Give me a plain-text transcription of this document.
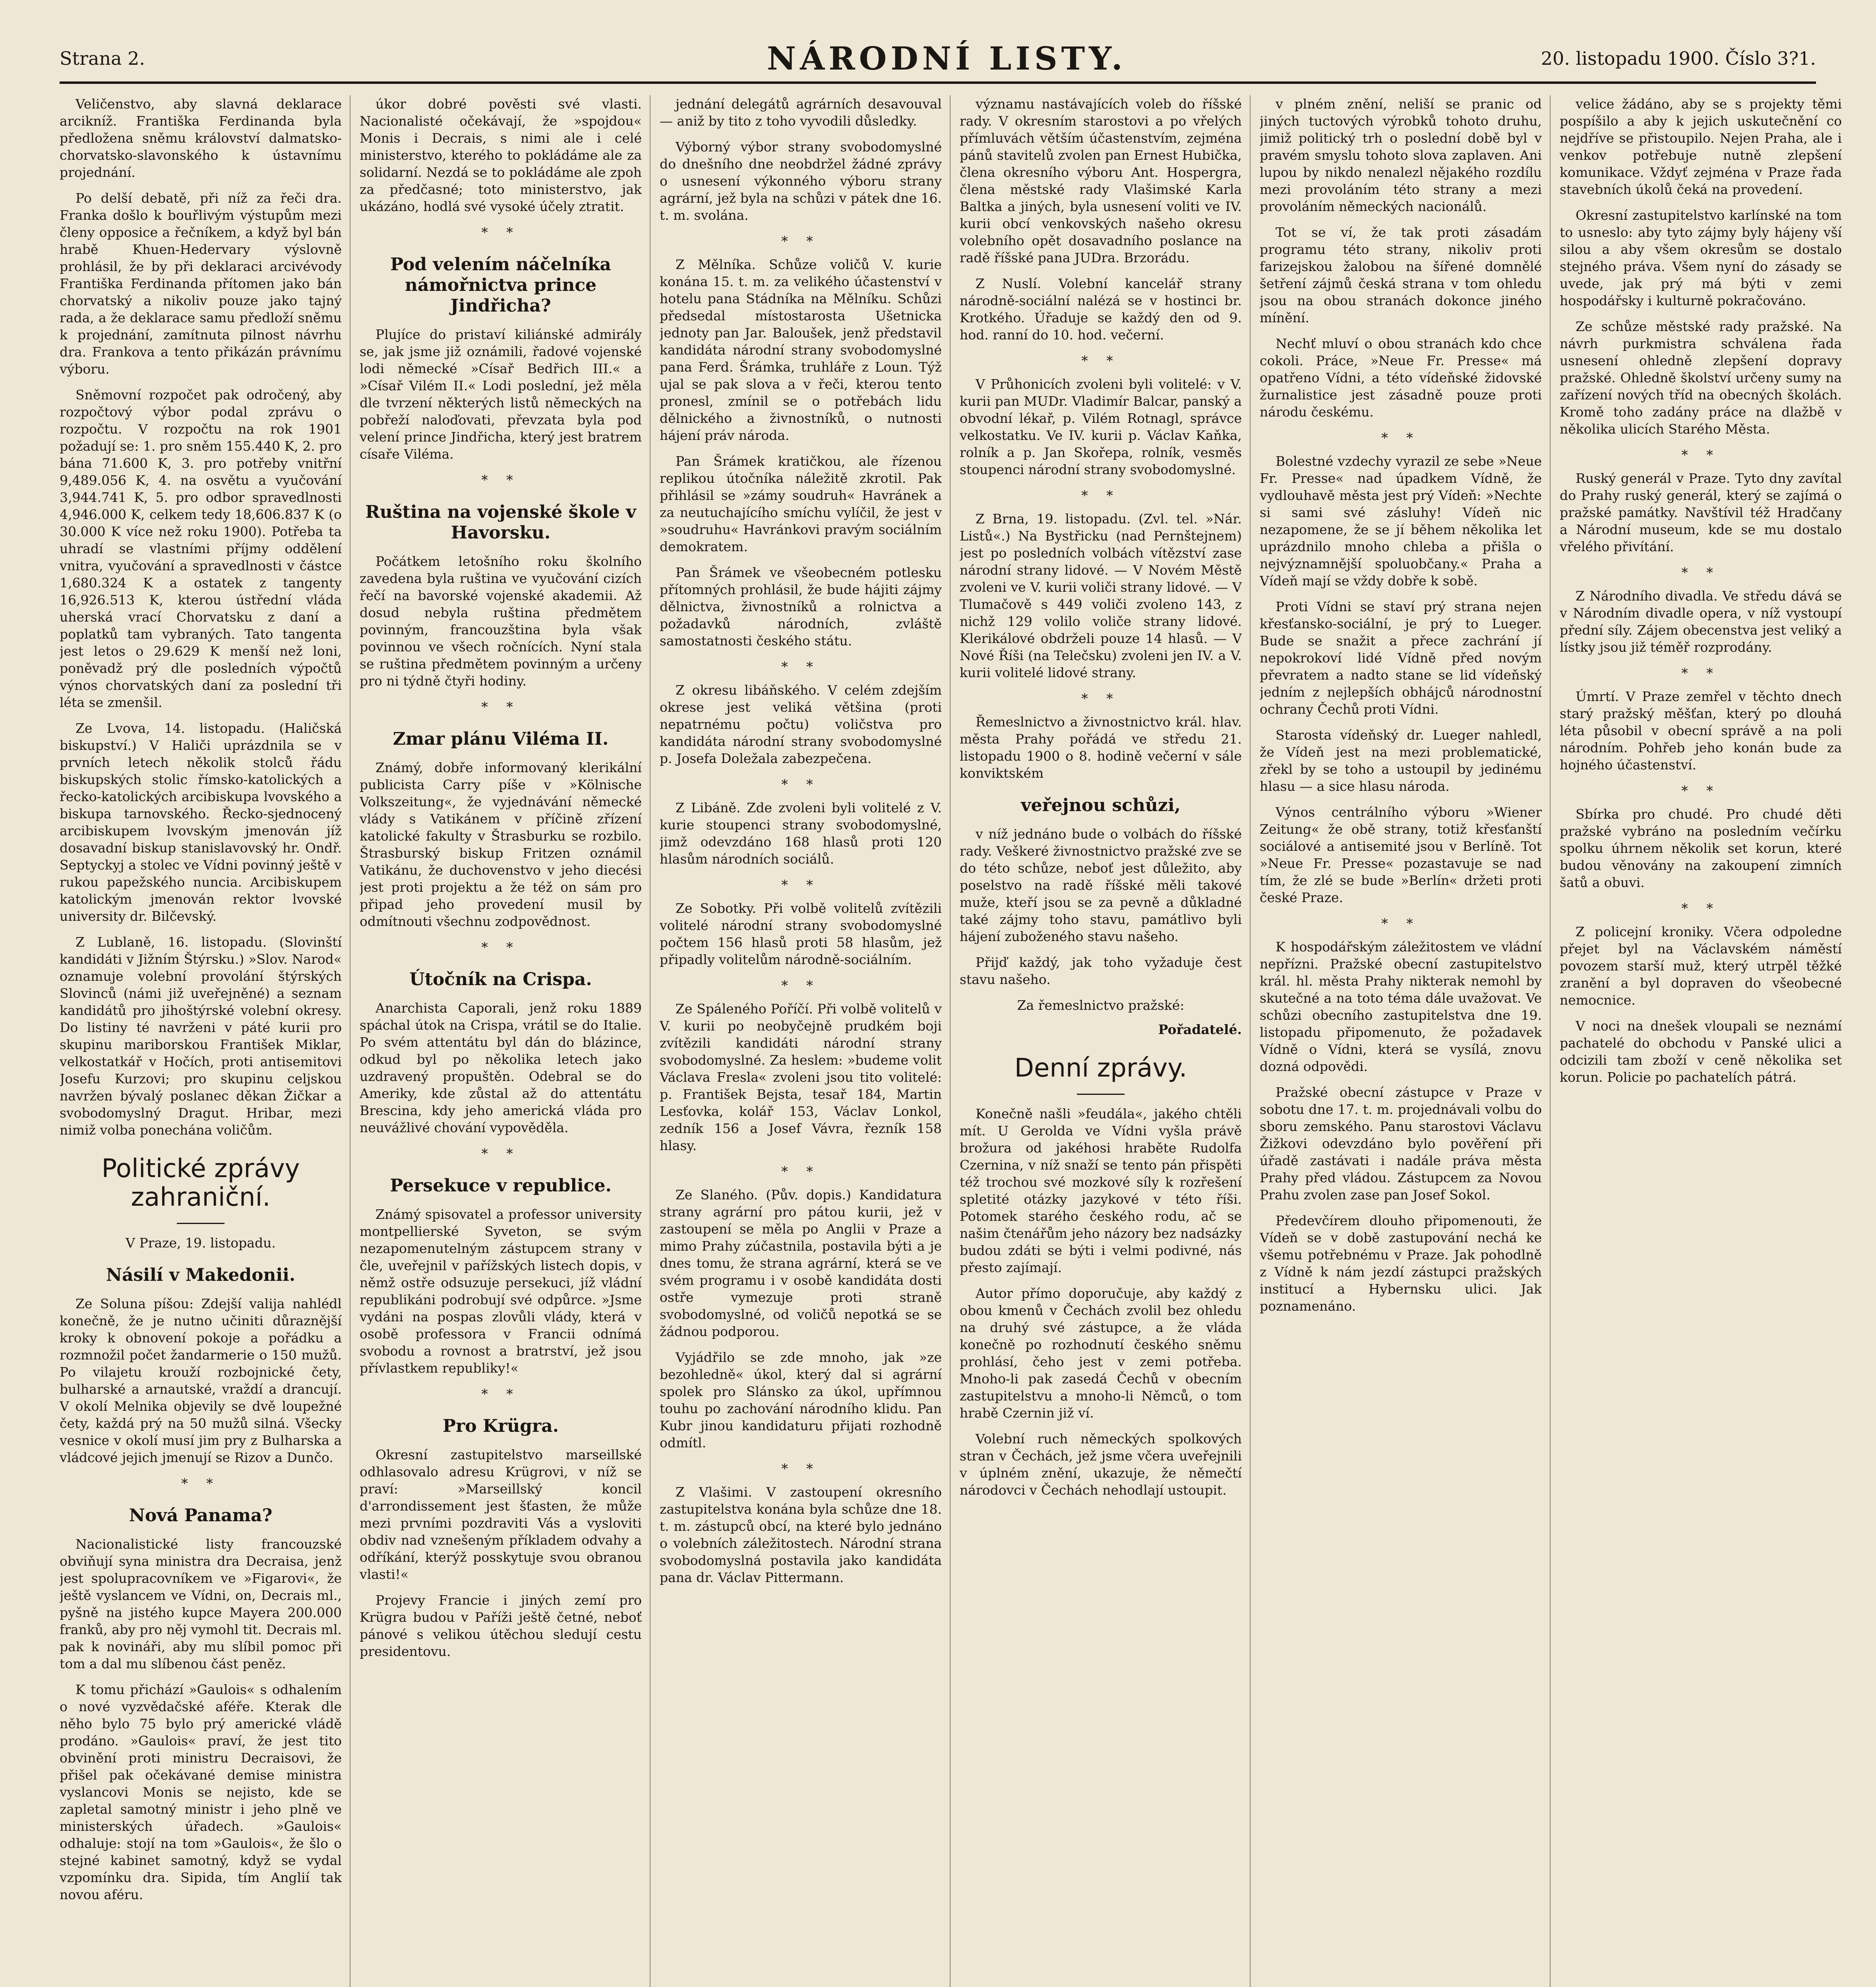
Strana 2.	NÁRODNÍ LISTY.	20. listopadu 1900. Číslo 3?1.

Veličenstvo, aby slavná deklarace arcikníž. Františka Ferdinanda byla předložena sněmu království dalmatsko-chorvatsko-slavonského k ústavnímu projednání.

Po delší debatě, při níž za řeči dra. Franka došlo k bouřlivým výstupům mezi členy opposice a řečníkem, a když byl bán hrabě Khuen-Hedervary výslovně prohlásil, že by při deklaraci arcivévody Františka Ferdinanda přítomen jako bán chorvatský a nikoliv pouze jako tajný rada, a že deklarace samu předloží sněmu k projednání, zamítnuta pilnost návrhu dra. Frankova a tento přikázán právnímu výboru.

Sněmovní rozpočet pak odročený, aby rozpočtový výbor podal zprávu o rozpočtu. V rozpočtu na rok 1901 požadují se: 1. pro sněm 155.440 K, 2. pro bána 71.600 K, 3. pro potřeby vnitřní 9,489.056 K, 4. na osvětu a vyučování 3,944.741 K, 5. pro odbor spravedlnosti 4,946.000 K, celkem tedy 18,606.837 K (o 30.000 K více než roku 1900). Potřeba ta uhradí se vlastními příjmy oddělení vnitra, vyučování a spravedlnosti v částce 1,680.324 K a ostatek z tangenty 16,926.513 K, kterou ústřední vláda uherská vrací Chorvatsku z daní a poplatků tam vybraných. Tato tangenta jest letos o 29.629 K menší než loni, poněvadž prý dle posledních výpočtů výnos chorvatských daní za poslední tři léta se zmenšil.

Ze Lvova, 14. listopadu. (Haličská biskupství.) V Haliči uprázdnila se v prvních letech několik stolců řádu biskupských stolic římsko-katolických a řecko-katolických arcibiskupa lvovského a biskupa tarnovského. Řecko-sjednocený arcibiskupem lvovským jmenován jíž dosavadní biskup stanislavovský hr. Ondř. Septyckyj a stolec ve Vídni povinný ještě v rukou papežského nuncia. Arcibiskupem katolickým jmenován rektor lvovské university dr. Bilčevský.

Z Lublaně, 16. listopadu. (Slovinští kandidáti v Jižním Štýrsku.) »Slov. Narod« oznamuje volební provolání štýrských Slovinců (námi již uveřejněné) a seznam kandidátů pro jihoštýrské volební okresy. Do listiny té navrženi v páté kurii pro skupinu mariborskou František Miklar, velkostatkář v Hočích, proti antisemitovi Josefu Kurzovi; pro skupinu celjskou navržen bývalý poslanec děkan Žičkar a svobodomyslný Dragut. Hribar, mezi nimiž volba ponechána voličům.

Politické zprávy zahraniční.
V Praze, 19. listopadu.
Násilí v Makedonii.

Ze Soluna píšou: Zdejší valija nahlédl konečně, že je nutno učiniti důraznější kroky k obnovení pokoje a pořádku a rozmnožil počet žandarmerie o 150 mužů. Po vilajetu krouží rozbojnické čety, bulharské a arnautské, vraždí a drancují. V okolí Melnika objevily se dvě loupežné čety, každá prý na 50 mužů silná. Všecky vesnice v okolí musí jim pry z Bulharska a vládcové jejich jmenují se Rizov a Dunčo.

* *
Nová Panama?

Nacionalistické listy francouzské obviňují syna ministra dra Decraisa, jenž jest spolupracovníkem ve »Figarovi«, že ještě vyslancem ve Vídni, on, Decrais ml., pyšně na jistého kupce Mayera 200.000 franků, aby pro něj vymohl tit. Decrais ml. pak k novináři, aby mu slíbil pomoc při tom a dal mu slíbenou část peněz.

K tomu přichází »Gaulois« s odhalením o nové vyzvědačské aféře. Kterak dle něho bylo 75 bylo prý americké vládě prodáno. »Gaulois« praví, že jest tito obvinění proti ministru Decraisovi, že přišel pak očekávané demise ministra vyslancovi Monis se nejisto, kde se zapletal samotný ministr i jeho plně ve ministerských úřadech. »Gaulois« odhaluje: stojí na tom »Gaulois«, že šlo o stejné kabinet samotný, když se vydal vzpomínku dra. Sipida, tím Anglií tak novou aféru.

úkor dobré pověsti své vlasti. Nacionalisté očekávají, že »spojdou« Monis i Decrais, s nimi ale i celé ministerstvo, kterého to pokládáme ale za solidarní. Nezdá se to pokládáme ale zpoh za předčasné; toto ministerstvo, jak ukázáno, hodlá své vysoké účely ztratit.

* *
Pod velením náčelníka námořnictva prince Jindřicha?

Plujíce do pristaví kiliánské admirály se, jak jsme již oznámili, řadové vojenské lodi německé »Císař Bedřich III.« a »Císař Vilém II.« Lodi poslední, jež měla dle tvrzení některých listů německých na pobřeží naloďovati, převzata byla pod velení prince Jindřicha, který jest bratrem císaře Viléma.

* *
Ruština na vojenské škole v Havorsku.

Počátkem letošního roku školního zavedena byla ruština ve vyučování cizích řečí na bavorské vojenské akademii. Až dosud nebyla ruština předmětem povinným, francouzština byla však povinnou ve všech ročnících. Nyní stala se ruština předmětem povinným a určeny pro ni týdně čtyři hodiny.

* *
Zmar plánu Viléma II.

Známý, dobře informovaný klerikální publicista Carry píše v »Kölnische Volkszeitung«, že vyjednávání německé vlády s Vatikánem v příčině zřízení katolické fakulty v Štrasburku se rozbilo. Štrasburský biskup Fritzen oznámil Vatikánu, že duchovenstvo v jeho diecési jest proti projektu a že též on sám pro připad jeho provedení musil by odmítnouti všechnu zodpovědnost.

* *
Útočník na Crispa.

Anarchista Caporali, jenž roku 1889 spáchal útok na Crispa, vrátil se do Italie. Po svém attentátu byl dán do blázince, odkud byl po několika letech jako uzdravený propuštěn. Odebral se do Ameriky, kde zůstal až do attentátu Brescina, kdy jeho americká vláda pro neuvážlivé chování vypověděla.

* *
Persekuce v republice.

Známý spisovatel a professor university montpellierské Syveton, se svým nezapomenutelným zástupcem strany v čle, uveřejnil v pařížských listech dopis, v němž ostře odsuzuje persekuci, jíž vládní republikáni podrobují své odpůrce. »Jsme vydáni na pospas zlovůli vlády, která v osobě professora v Francii odnímá svobodu a rovnost a bratrství, jež jsou přívlastkem republiky!«

* *
Pro Krügra.

Okresní zastupitelstvo marseillské odhlasovalo adresu Krügrovi, v níž se praví: »Marseillský koncil d'arrondissement jest šťasten, že může mezi prvními pozdraviti Vás a vysloviti obdiv nad vznešeným příkladem odvahy a odříkání, kterýž posskytuje svou obranou vlasti!«

Projevy Francie i jiných zemí pro Krügra budou v Paříži ještě četné, neboť pánové s velikou útěchou sledují cestu presidentovu.

jednání delegátů agrárních desavouval — aniž by tito z toho vyvodili důsledky.

Výborný výbor strany svobodomyslné do dnešního dne neobdržel žádné zprávy o usnesení výkonného výboru strany agrární, jež byla na schůzi v pátek dne 16. t. m. svolána.

* *

Z Mělníka. Schůze voličů V. kurie konána 15. t. m. za velikého účastenství v hotelu pana Stádníka na Mělníku. Schůzi předsedal místostarosta Ušetnicka jednoty pan Jar. Baloušek, jenž představil kandidáta národní strany svobodomyslné pana Ferd. Šrámka, truhláře z Loun. Týž ujal se pak slova a v řeči, kterou tento pronesl, zmínil se o potřebách lidu dělnického a živnostníků, o nutnosti hájení práv národa.

Pan Šrámek kratičkou, ale řízenou replikou útočníka náležitě zkrotil. Pak přihlásil se »zámy soudruh« Havránek a za neutuchajícího smíchu vylíčil, že jest v »soudruhu« Havránkovi pravým sociálním demokratem.

Pan Šrámek ve všeobecném potlesku přítomných prohlásil, že bude hájiti zájmy dělnictva, živnostníků a rolnictva a požadavků národních, zvláště samostatnosti českého státu.

* *

Z okresu libáňského. V celém zdejším okrese jest veliká většina (proti nepatrnému počtu) voličstva pro kandidáta národní strany svobodomyslné p. Josefa Doležala zabezpečena.

* *

Z Libáně. Zde zvoleni byli volitelé z V. kurie stoupenci strany svobodomyslné, jimž odevzdáno 168 hlasů proti 120 hlasům národních sociálů.

* *

Ze Sobotky. Při volbě volitelů zvítězili volitelé národní strany svobodomyslné počtem 156 hlasů proti 58 hlasům, jež připadly volitelům národně-sociálním.

* *

Ze Spáleného Poříčí. Při volbě volitelů v V. kurii po neobyčejně prudkém boji zvítězili kandidáti národní strany svobodomyslné. Za heslem: »budeme volit Václava Fresla« zvoleni jsou tito volitelé: p. František Bejsta, tesař 184, Martin Lesťovka, kolář 153, Václav Lonkol, zedník 156 a Josef Vávra, řezník 158 hlasy.

* *

Ze Slaného. (Pův. dopis.) Kandidatura strany agrární pro pátou kurii, jež v zastoupení se měla po Anglii v Praze a mimo Prahy zúčastnila, postavila býti a je dnes tomu, že strana agrární, která se ve svém programu i v osobě kandidáta dosti ostře vymezuje proti straně svobodomyslné, od voličů nepotká se se žádnou podporou.

Vyjádřilo se zde mnoho, jak »ze bezohledně« úkol, který dal si agrární spolek pro Slánsko za úkol, upřímnou touhu po zachování národního klidu. Pan Kubr jinou kandidaturu přijati rozhodně odmítl.

* *

Z Vlašimi. V zastoupení okresního zastupitelstva konána byla schůze dne 18. t. m. zástupců obcí, na které bylo jednáno o volebních záležitostech. Národní strana svobodomyslná postavila jako kandidáta pana dr. Václav Pittermann.

významu nastávajících voleb do říšské rady. V okresním starostovi a po vřelých přímluvách větším účastenstvím, zejména pánů stavitelů zvolen pan Ernest Hubička, člena okresního výboru Ant. Hospergra, člena městské rady Vlašimské Karla Baltka a jiných, byla usnesení voliti ve IV. kurii obcí venkovských našeho okresu volebního opět dosavadního poslance na radě říšské pana JUDra. Brzorádu.

Z Nuslí. Volební kancelář strany národně-sociální nalézá se v hostinci br. Krotkého. Úřaduje se každý den od 9. hod. ranní do 10. hod. večerní.

* *

V Průhonicích zvoleni byli volitelé: v V. kurii pan MUDr. Vladimír Balcar, panský a obvodní lékař, p. Vilém Rotnagl, správce velkostatku. Ve IV. kurii p. Václav Kaňka, rolník a p. Jan Skořepa, rolník, vesměs stoupenci národní strany svobodomyslné.

* *

Z Brna, 19. listopadu. (Zvl. tel. »Nár. Listů«.) Na Bystřicku (nad Pernštejnem) jest po posledních volbách vítězství zase národní strany lidové. — V Novém Městě zvoleni ve V. kurii voliči strany lidové. — V Tlumačově s 449 voliči zvoleno 143, z nichž 129 volilo voliče strany lidové. Klerikálové obdrželi pouze 14 hlasů. — V Nové Říši (na Telečsku) zvoleni jen IV. a V. kurii volitelé lidové strany.

* *

Řemeslnictvo a živnostnictvo král. hlav. města Prahy pořádá ve středu 21. listopadu 1900 o 8. hodině večerní v sále konviktském

veřejnou schůzi,

v níž jednáno bude o volbách do říšské rady. Veškeré živnostnictvo pražské zve se do této schůze, neboť jest důležito, aby poselstvo na radě říšské měli takové muže, kteří jsou se za pevně a důkladné také zájmy toho stavu, památlivo byli hájení zuboženého stavu našeho.

Přijď každý, jak toho vyžaduje čest stavu našeho.

Za řemeslnictvo pražské:
Pořadatelé.
Denní zprávy.

Konečně našli »feudála«, jakého chtěli mít. U Gerolda ve Vídni vyšla právě brožura od jakéhosi hraběte Rudolfa Czernina, v níž snaží se tento pán přispěti též trochou své mozkové síly k rozřešení spletité otázky jazykové v této říši. Potomek starého českého rodu, ač se našim čtenářům jeho názory bez nadsázky budou zdáti se býti i velmi podivné, nás přesto zajímají.

Autor přímo doporučuje, aby každý z obou kmenů v Čechách zvolil bez ohledu na druhý své zástupce, a že vláda konečně po rozhodnutí českého sněmu prohlásí, čeho jest v zemi potřeba. Mnoho-li pak zasedá Čechů v obecním zastupitelstvu a mnoho-li Němců, o tom hrabě Czernin již ví.

Volební ruch německých spolkových stran v Čechách, jež jsme včera uveřejnili v úplném znění, ukazuje, že němečtí národovci v Čechách nehodlají ustoupit.

v plném znění, neliší se pranic od jiných tuctových výrobků tohoto druhu, jimiž politický trh o poslední době byl v pravém smyslu tohoto slova zaplaven. Ani lupou by nikdo nenalezl nějakého rozdílu mezi provoláním této strany a mezi provoláním německých nacionálů.

Tot se ví, že tak proti zásadám programu této strany, nikoliv proti farizejskou žalobou na šířené domnělé šetření zájmů česká strana v tom ohledu jsou na obou stranách dokonce jiného mínění.

Nechť mluví o obou stranách kdo chce cokoli. Práce, »Neue Fr. Presse« má opatřeno Vídni, a této vídeňské židovské žurnalistice jest zásadně pouze proti národu českému.

* *

Bolestné vzdechy vyrazil ze sebe »Neue Fr. Presse« nad úpadkem Vídně, že vydlouhavě města jest prý Vídeň: »Nechte si sami své zásluhy! Vídeň nic nezapomene, že se jí během několika let uprázdnilo mnoho chleba a přišla o nejvýznamnější spoluobčany.« Praha a Vídeň mají se vždy dobře k sobě.

Proti Vídni se staví prý strana nejen křesťansko-sociální, je prý to Lueger. Bude se snažit a přece zachrání jí nepokrokoví lidé Vídně před novým převratem a nadto stane se lid vídeňský jedním z nejlepších obhájců národnostní ochrany Čechů proti Vídni.

Starosta vídeňský dr. Lueger nahledl, že Vídeň jest na mezi problematické, zřekl by se toho a ustoupil by jedinému hlasu — a sice hlasu národa.

Výnos centrálního výboru »Wiener Zeitung« že obě strany, totiž křesťanští sociálové a antisemité jsou v Berlíně. Tot »Neue Fr. Presse« pozastavuje se nad tím, že zlé se bude »Berlín« držeti proti české Praze.

* *

K hospodářským záležitostem ve vládní nepřízni. Pražské obecní zastupitelstvo král. hl. města Prahy nikterak nemohl by skutečné a na toto téma dále uvažovat. Ve schůzi obecního zastupitelstva dne 19. listopadu připomenuto, že požadavek Vídně o Vídni, která se vysílá, znovu dozná odpovědi.

Pražské obecní zástupce v Praze v sobotu dne 17. t. m. projednávali volbu do sboru zemského. Panu starostovi Václavu Žižkovi odevzdáno bylo pověření při úřadě zastávati i nadále práva města Prahy před vládou. Zástupcem za Novou Prahu zvolen zase pan Josef Sokol.

Předevčírem dlouho připomenouti, že Vídeň se v době zastupování nechá ke všemu potřebnému v Praze. Jak pohodlně z Vídně k nám jezdí zástupci pražských institucí a Hybernsku ulici. Jak poznamenáno.

velice žádáno, aby se s projekty těmi pospíšilo a aby k jejich uskutečnění co nejdříve se přistoupilo. Nejen Praha, ale i venkov potřebuje nutně zlepšení komunikace. Vždyť zejména v Praze řada stavebních úkolů čeká na provedení.

Okresní zastupitelstvo karlínské na tom to usneslo: aby tyto zájmy byly hájeny vší silou a aby všem okresům se dostalo stejného práva. Všem nyní do zásady se uvede, jak prý má býti v zemi hospodářsky i kulturně pokračováno.

Ze schůze městské rady pražské. Na návrh purkmistra schválena řada usnesení ohledně zlepšení dopravy pražské. Ohledně školství určeny sumy na zařízení nových tříd na obecných školách. Kromě toho zadány práce na dlažbě v několika ulicích Starého Města.

* *

Ruský generál v Praze. Tyto dny zavítal do Prahy ruský generál, který se zajímá o pražské památky. Navštívil též Hradčany a Národní museum, kde se mu dostalo vřelého přivítání.

* *

Z Národního divadla. Ve středu dává se v Národním divadle opera, v níž vystoupí přední síly. Zájem obecenstva jest veliký a lístky jsou již téměř rozprodány.

* *

Úmrtí. V Praze zemřel v těchto dnech starý pražský měšťan, který po dlouhá léta působil v obecní správě a na poli národním. Pohřeb jeho konán bude za hojného účastenství.

* *

Sbírka pro chudé. Pro chudé děti pražské vybráno na posledním večírku spolku úhrnem několik set korun, které budou věnovány na zakoupení zimních šatů a obuvi.

* *

Z policejní kroniky. Včera odpoledne přejet byl na Václavském náměstí povozem starší muž, který utrpěl těžké zranění a byl dopraven do všeobecné nemocnice.

V noci na dnešek vloupali se neznámí pachatelé do obchodu v Panské ulici a odcizili tam zboží v ceně několika set korun. Policie po pachatelích pátrá.
